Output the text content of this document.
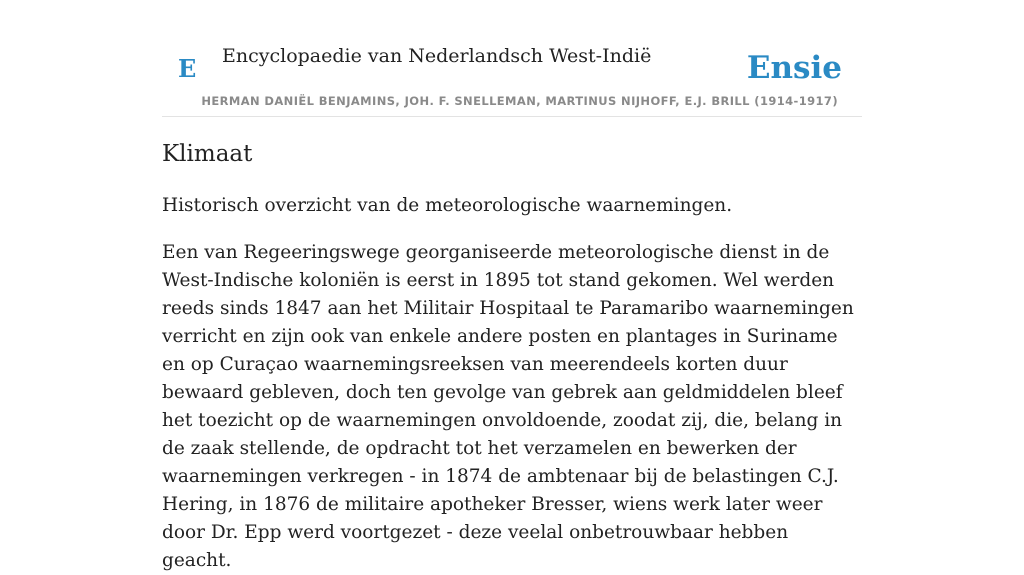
E Encyclopaedie van Nederlandsch West-Indië	Ensie
HERMAN DANIËL BENJAMINS, JOH. F. SNELLEMAN, MARTINUS NIJHOFF, E.J. BRILL (1914-1917)
Klimaat

Historisch overzicht van de meteorologische waarnemingen.

Een van Regeeringswege georganiseerde meteorologische dienst in de West-Indische koloniën is eerst in 1895 tot stand gekomen. Wel werden reeds sinds 1847 aan het Militair Hospitaal te Paramaribo waarnemingen verricht en zijn ook van enkele andere posten en plantages in Suriname en op Curaçao waarnemingsreeksen van meerendeels korten duur bewaard gebleven, doch ten gevolge van gebrek aan geldmiddelen bleef het toezicht op de waarnemingen onvoldoende, zoodat zij, die, belang in de zaak stellende, de opdracht tot het verzamelen en bewerken der waarnemingen verkregen - in 1874 de ambtenaar bij de belastingen C.J. Hering, in 1876 de militaire apotheker Bresser, wiens werk later weer door Dr. Epp werd voortgezet - deze veelal onbetrouwbaar hebben geacht.
